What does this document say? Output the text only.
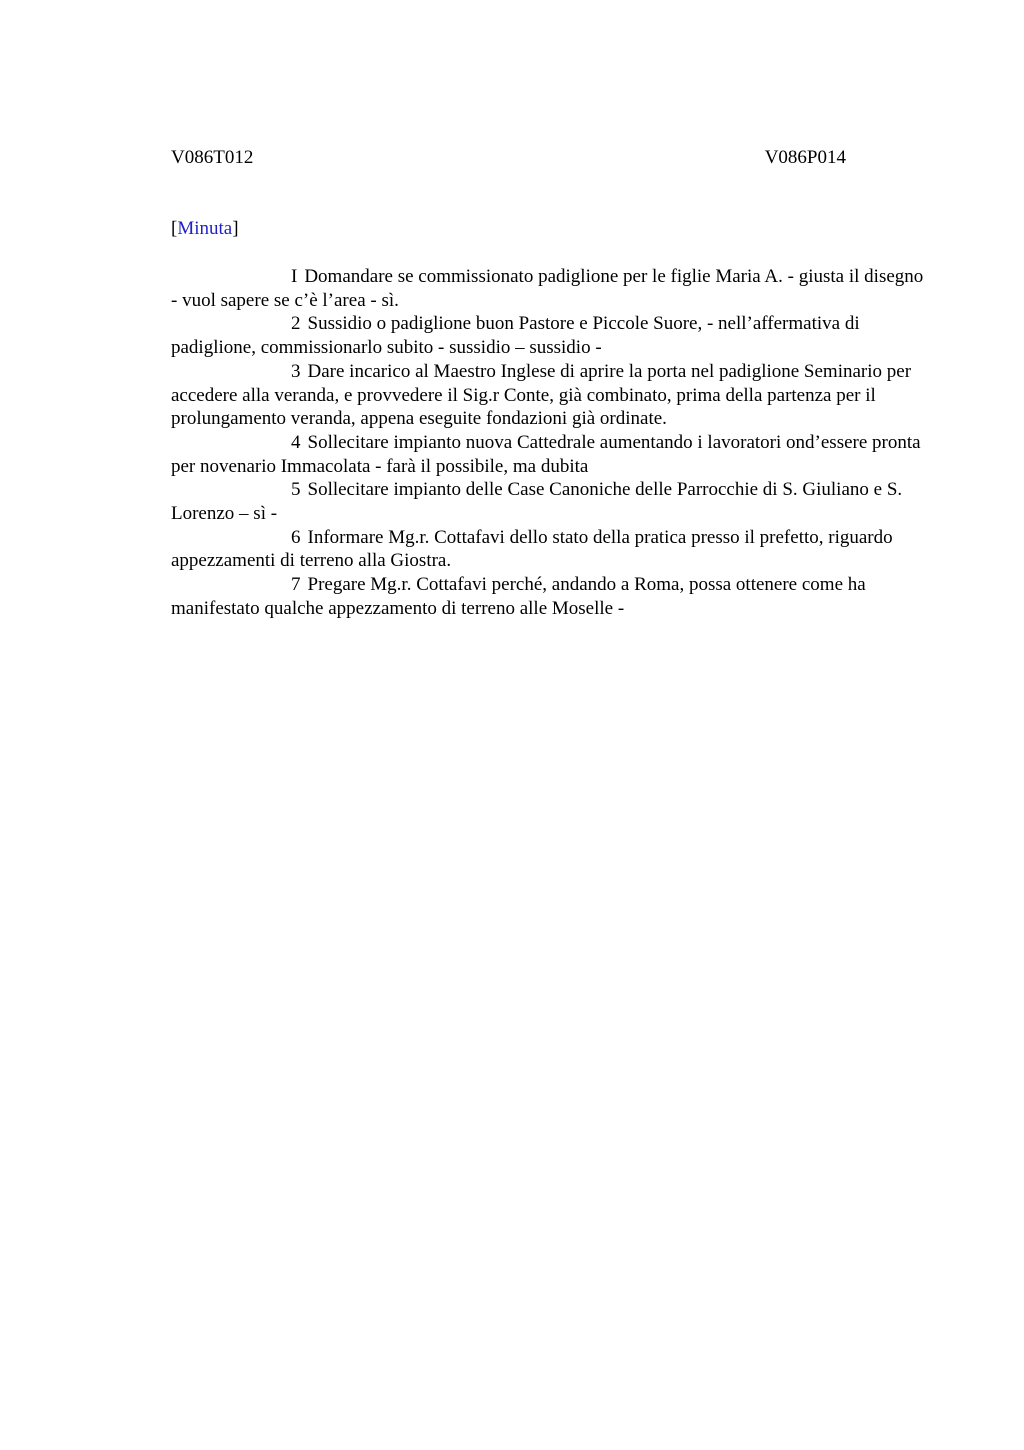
V086T012	V086P014
[Minuta]

I Domandare se commissionato padiglione per le figlie Maria A. - giusta il disegno - vuol sapere se c’è l’area - sì.

2 Sussidio o padiglione buon Pastore e Piccole Suore, - nell’affermativa di padiglione, commissionarlo subito - sussidio – sussidio -

3 Dare incarico al Maestro Inglese di aprire la porta nel padiglione Seminario per accedere alla veranda, e provvedere il Sig.r Conte, già combinato, prima della partenza per il prolungamento veranda, appena eseguite fondazioni già ordinate.

4 Sollecitare impianto nuova Cattedrale aumentando i lavoratori ond’essere pronta per novenario Immacolata - farà il possibile, ma dubita

5 Sollecitare impianto delle Case Canoniche delle Parrocchie di S. Giuliano e S. Lorenzo – sì -

6 Informare Mg.r. Cottafavi dello stato della pratica presso il prefetto, riguardo appezzamenti di terreno alla Giostra.

7 Pregare Mg.r. Cottafavi perché, andando a Roma, possa ottenere come ha manifestato qualche appezzamento di terreno alle Moselle -
